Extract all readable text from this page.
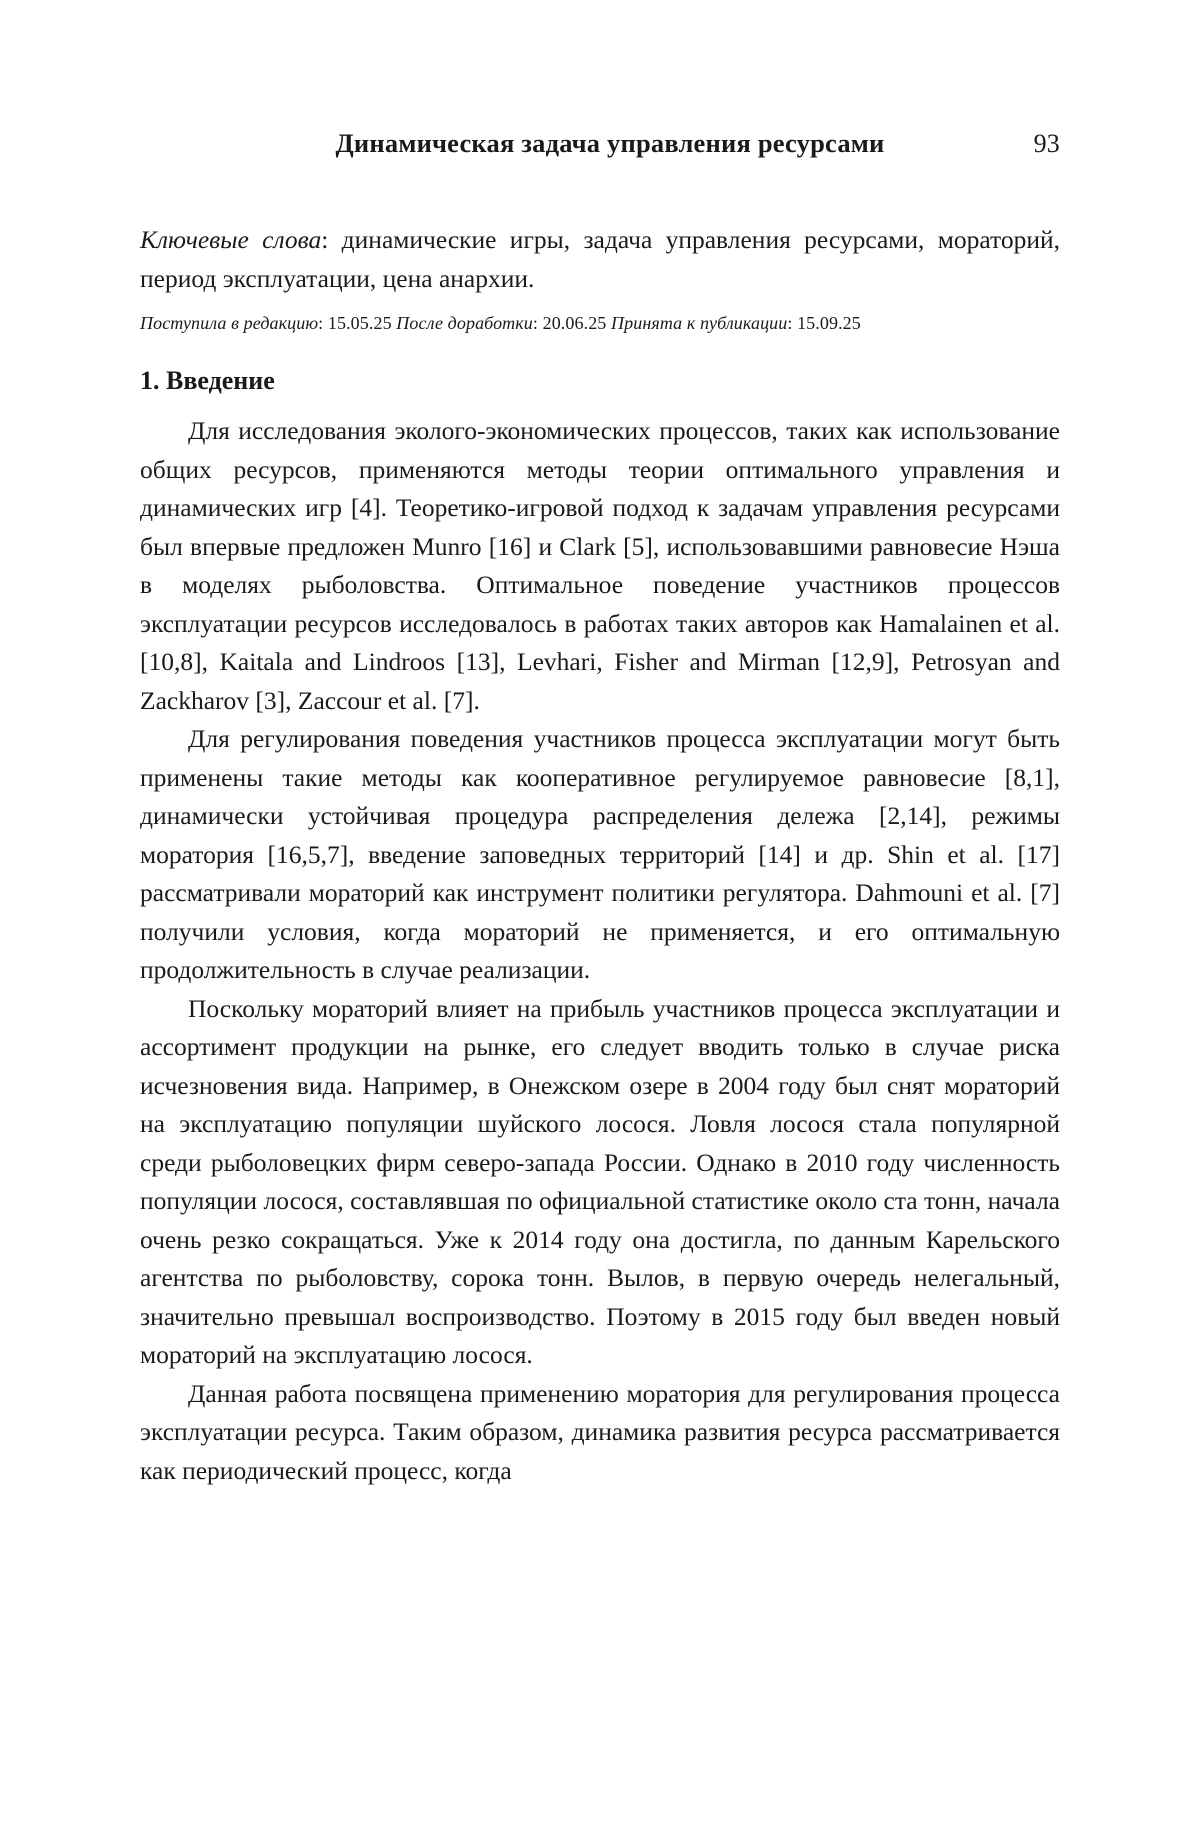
Динамическая задача управления ресурсами	93

Ключевые слова: динамические игры, задача управления ресурсами, мораторий, период эксплуатации, цена анархии.

Поступила в редакцию: 15.05.25 После доработки: 20.06.25 Принята к публикации: 15.09.25

1. Введение

Для исследования эколого-экономических процессов, таких как использование общих ресурсов, применяются методы теории оптимального управления и динамических игр [4]. Теоретико-игровой подход к задачам управления ресурсами был впервые предложен Munro [16] и Clark [5], использовавшими равновесие Нэша в моделях рыболовства. Оптимальное поведение участников процессов эксплуатации ресурсов исследовалось в работах таких авторов как Hamalainen et al. [10,8], Kaitala and Lindroos [13], Levhari, Fisher and Mirman [12,9], Petrosyan and Zackharov [3], Zaccour et al. [7].

Для регулирования поведения участников процесса эксплуатации могут быть применены такие методы как кооперативное регулируемое равновесие [8,1], динамически устойчивая процедура распределения дележа [2,14], режимы моратория [16,5,7], введение заповедных территорий [14] и др. Shin et al. [17] рассматривали мораторий как инструмент политики регулятора. Dahmouni et al. [7] получили условия, когда мораторий не применяется, и его оптимальную продолжительность в случае реализации.

Поскольку мораторий влияет на прибыль участников процесса эксплуатации и ассортимент продукции на рынке, его следует вводить только в случае риска исчезновения вида. Например, в Онежском озере в 2004 году был снят мораторий на эксплуатацию популяции шуйского лосося. Ловля лосося стала популярной среди рыболовецких фирм северо-запада России. Однако в 2010 году численность популяции лосося, составлявшая по официальной статистике около ста тонн, начала очень резко сокращаться. Уже к 2014 году она достигла, по данным Карельского агентства по рыболовству, сорока тонн. Вылов, в первую очередь нелегальный, значительно превышал воспроизводство. Поэтому в 2015 году был введен новый мораторий на эксплуатацию лосося.

Данная работа посвящена применению моратория для регулирования процесса эксплуатации ресурса. Таким образом, динамика развития ресурса рассматривается как периодический процесс, когда
